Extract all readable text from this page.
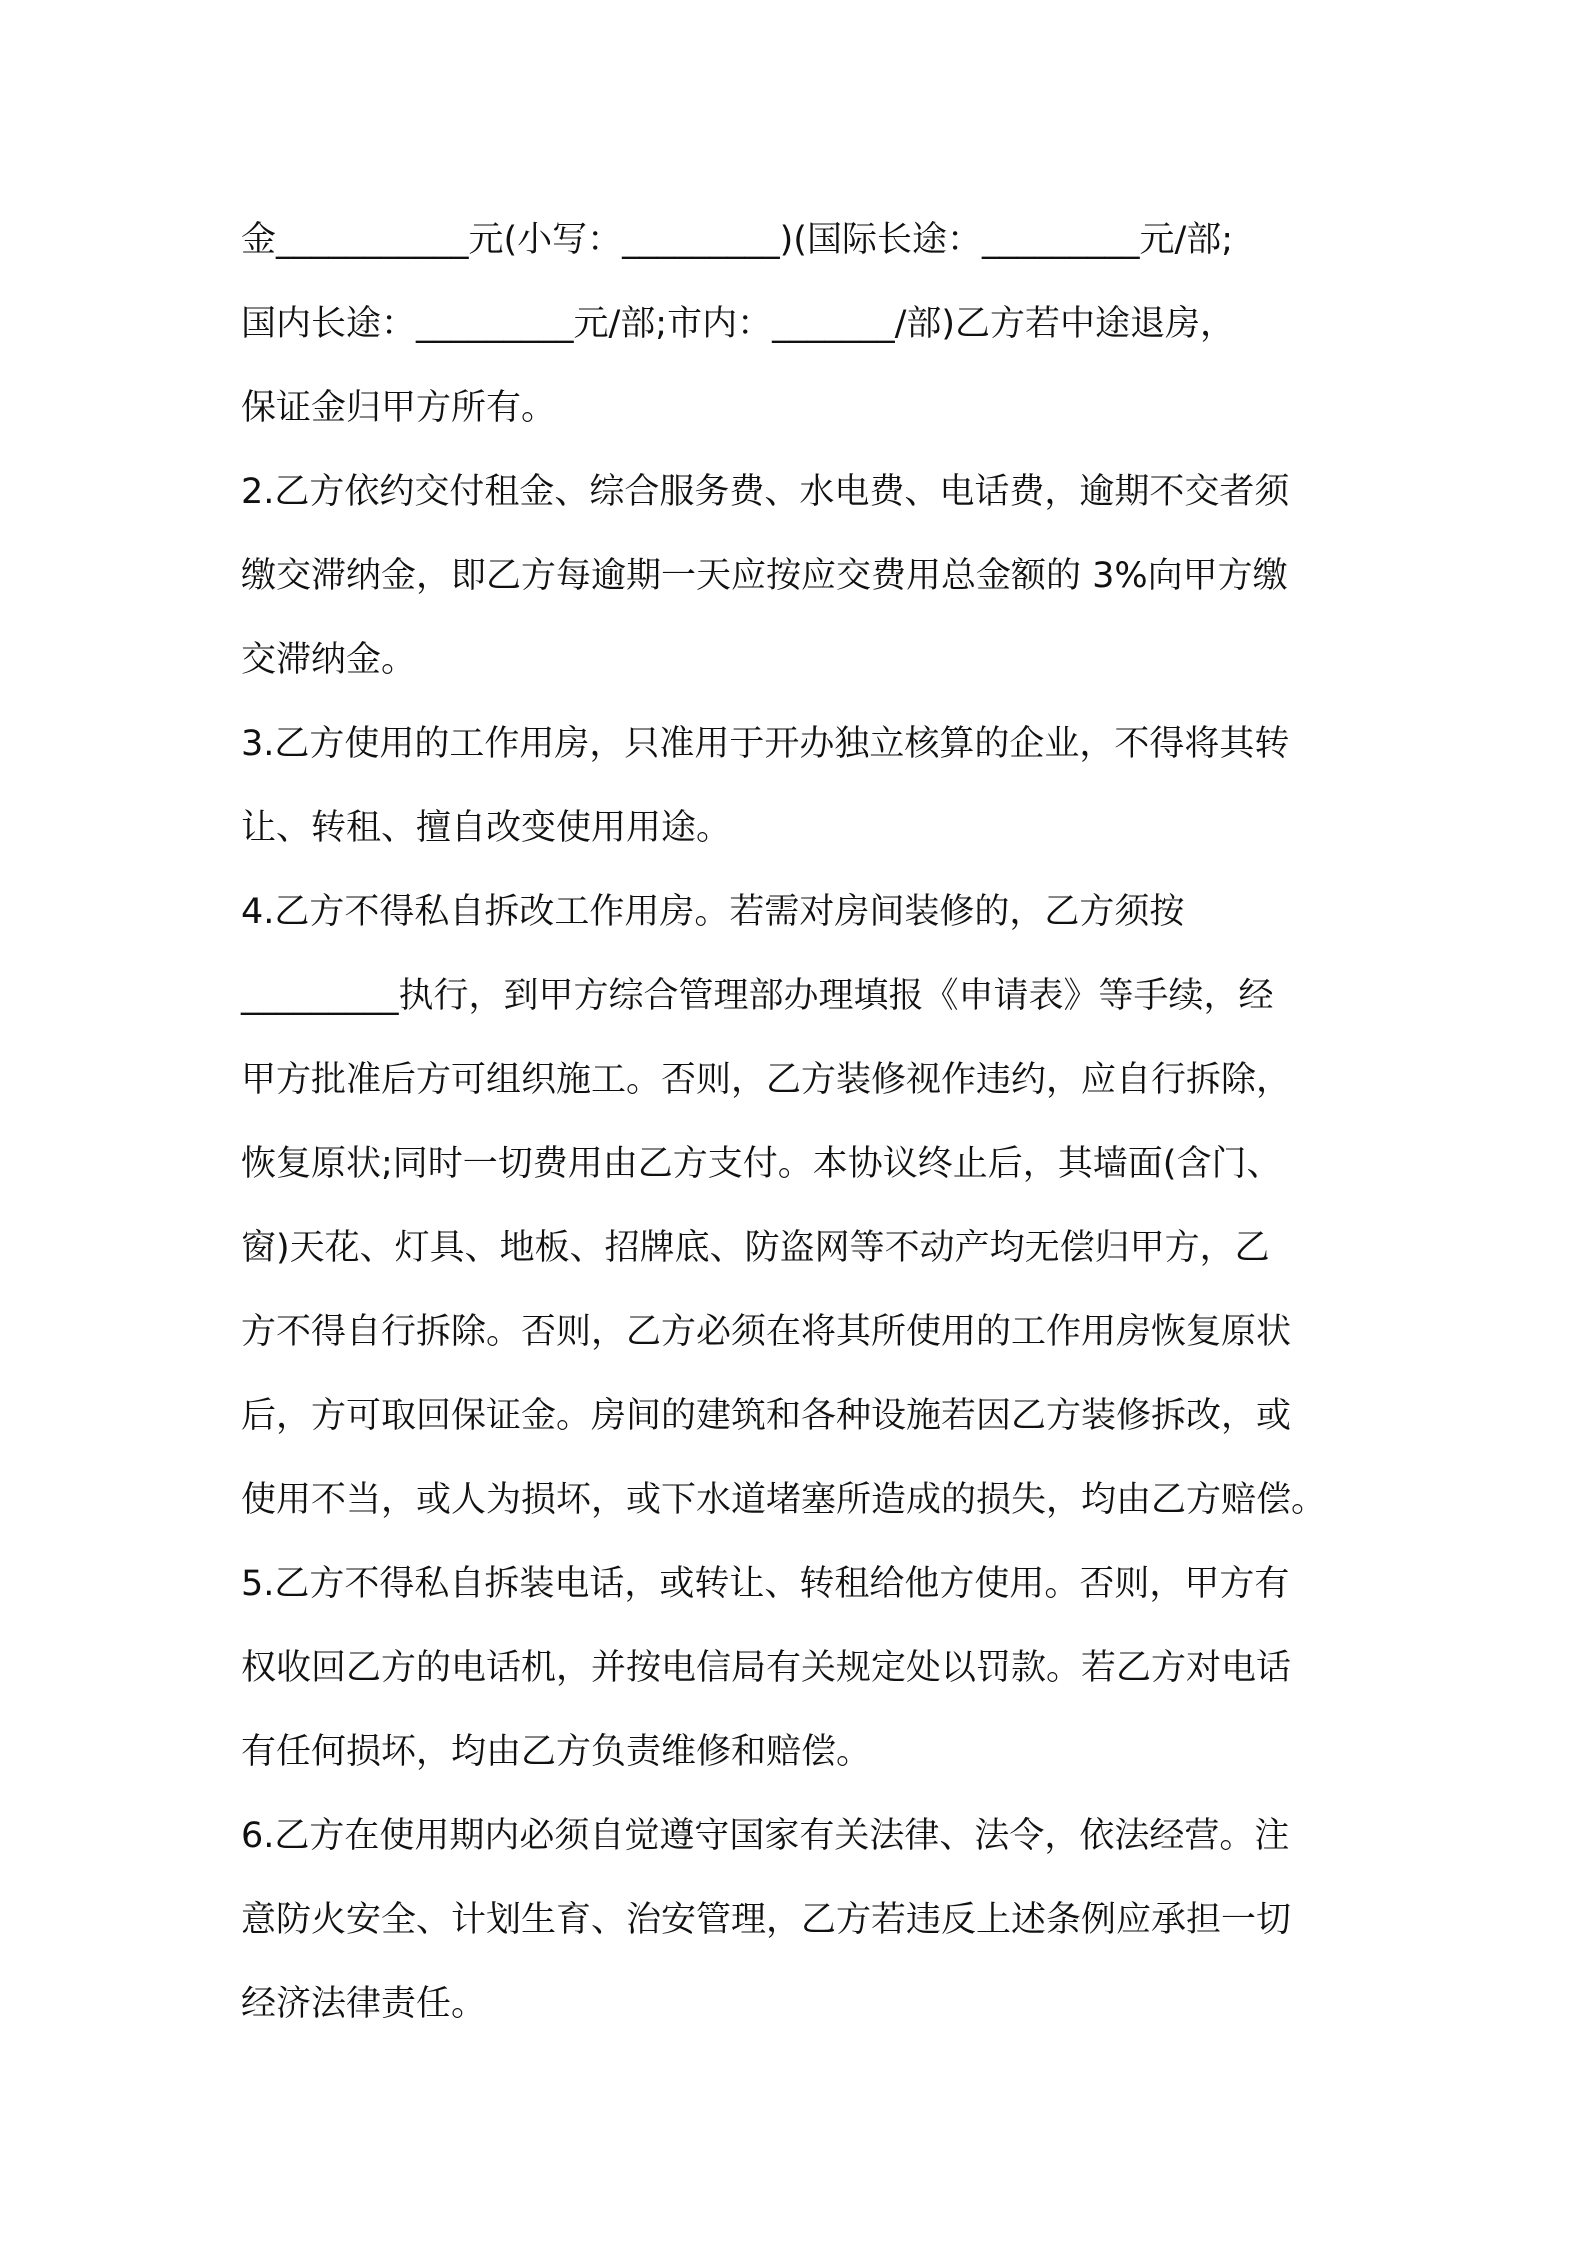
金___________元(小写：_________)(国际长途：_________元/部;
国内长途：_________元/部;市内：_______/部)乙方若中途退房，
保证金归甲方所有。
2.乙方依约交付租金、综合服务费、水电费、电话费，逾期不交者须
缴交滞纳金，即乙方每逾期一天应按应交费用总金额的 3%向甲方缴
交滞纳金。
3.乙方使用的工作用房，只准用于开办独立核算的企业，不得将其转
让、转租、擅自改变使用用途。
4.乙方不得私自拆改工作用房。若需对房间装修的，乙方须按
_________执行，到甲方综合管理部办理填报《申请表》等手续，经
甲方批准后方可组织施工。否则，乙方装修视作违约，应自行拆除，
恢复原状;同时一切费用由乙方支付。本协议终止后，其墙面(含门、
窗)天花、灯具、地板、招牌底、防盗网等不动产均无偿归甲方，乙
方不得自行拆除。否则，乙方必须在将其所使用的工作用房恢复原状
后，方可取回保证金。房间的建筑和各种设施若因乙方装修拆改，或
使用不当，或人为损坏，或下水道堵塞所造成的损失，均由乙方赔偿。
5.乙方不得私自拆装电话，或转让、转租给他方使用。否则，甲方有
权收回乙方的电话机，并按电信局有关规定处以罚款。若乙方对电话
有任何损坏，均由乙方负责维修和赔偿。
6.乙方在使用期内必须自觉遵守国家有关法律、法令，依法经营。注
意防火安全、计划生育、治安管理，乙方若违反上述条例应承担一切
经济法律责任。
